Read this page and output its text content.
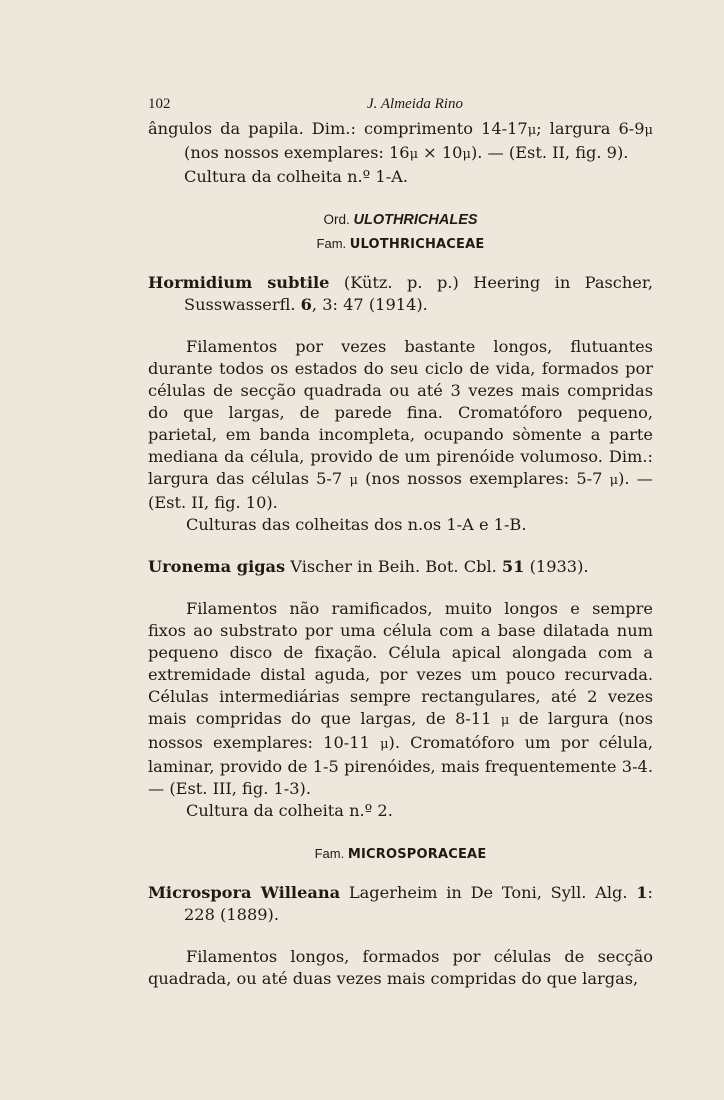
102	J. Almeida Rino

ângulos da papila. Dim.: comprimento 14-17μ; largura 6-9μ (nos nossos exemplares: 16μ × 10μ). — (Est. II, fig. 9).

Cultura da colheita n.º 1-A.

Ord. ULOTHRICHALES

Fam. ULOTHRICHACEAE

Hormidium subtile (Kütz. p. p.) Heering in Pascher, Susswasserfl. 6, 3: 47 (1914).

Filamentos por vezes bastante longos, flutuantes durante todos os estados do seu ciclo de vida, formados por células de secção quadrada ou até 3 vezes mais compridas do que largas, de parede fina. Cromatóforo pequeno, parietal, em banda incompleta, ocupando sòmente a parte mediana da célula, provido de um pirenóide volumoso. Dim.: largura das células 5-7 μ (nos nossos exemplares: 5-7 μ). — (Est. II, fig. 10).

Culturas das colheitas dos n.os 1-A e 1-B.

Uronema gigas Vischer in Beih. Bot. Cbl. 51 (1933).

Filamentos não ramificados, muito longos e sempre fixos ao substrato por uma célula com a base dilatada num pequeno disco de fixação. Célula apical alongada com a extremidade distal aguda, por vezes um pouco recurvada. Células intermediárias sempre rectangulares, até 2 vezes mais compridas do que largas, de 8-11 μ de largura (nos nossos exemplares: 10-11 μ). Cromatóforo um por célula, laminar, provido de 1-5 pirenóides, mais frequentemente 3-4. — (Est. III, fig. 1-3).

Cultura da colheita n.º 2.

Fam. MICROSPORACEAE

Microspora Willeana Lagerheim in De Toni, Syll. Alg. 1: 228 (1889).

Filamentos longos, formados por células de secção quadrada, ou até duas vezes mais compridas do que largas,
